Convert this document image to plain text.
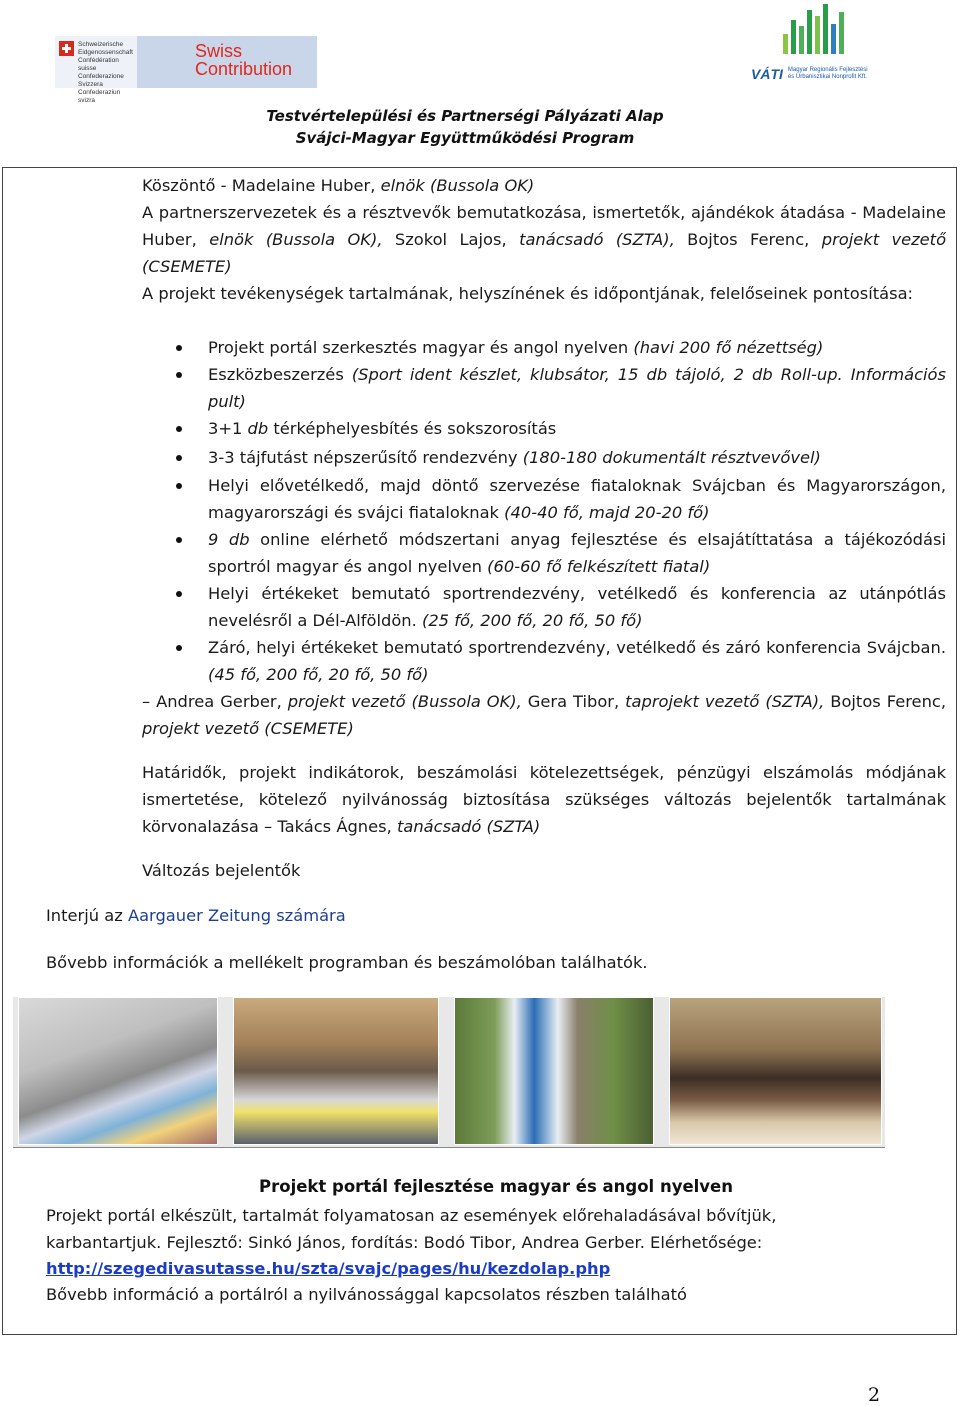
Schweizerische Eidgenossenschaft
Confédération suisse
Confederazione Svizzera
Confederaziun svizra
Swiss
Contribution	VÁTI Magyar Regionális Fejlesztési és Urbanisztikai Nonprofit Kft.
Testvértelepülési és Partnerségi Pályázati Alap
Svájci-Magyar Együttműködési Program
Köszöntő - Madelaine Huber, elnök (Bussola OK)
A partnerszervezetek és a résztvevők bemutatkozása, ismertetők, ajándékok átadása - Madelaine Huber, elnök (Bussola OK), Szokol Lajos, tanácsadó (SZTA), Bojtos Ferenc, projekt vezető (CSEMETE)
A projekt tevékenységek tartalmának, helyszínének és időpontjának, felelőseinek pontosítása:
Projekt portál szerkesztés magyar és angol nyelven (havi 200 fő nézettség)
Eszközbeszerzés (Sport ident készlet, klubsátor, 15 db tájoló, 2 db Roll-up. Információs pult)
3+1 db térképhelyesbítés és sokszorosítás
3-3 tájfutást népszerűsítő rendezvény (180-180 dokumentált résztvevővel)
Helyi elővetélkedő, majd döntő szervezése fiataloknak Svájcban és Magyarországon, magyarországi és svájci fiataloknak (40-40 fő, majd 20-20 fő)
9 db online elérhető módszertani anyag fejlesztése és elsajátíttatása a tájékozódási sportról magyar és angol nyelven (60-60 fő felkészített fiatal)
Helyi értékeket bemutató sportrendezvény, vetélkedő és konferencia az utánpótlás nevelésről a Dél-Alföldön. (25 fő, 200 fő, 20 fő, 50 fő)
Záró, helyi értékeket bemutató sportrendezvény, vetélkedő és záró konferencia Svájcban. (45 fő, 200 fő, 20 fő, 50 fő)
– Andrea Gerber, projekt vezető (Bussola OK), Gera Tibor, taprojekt vezető (SZTA), Bojtos Ferenc, projekt vezető (CSEMETE)
Határidők, projekt indikátorok, beszámolási kötelezettségek, pénzügyi elszámolás módjának ismertetése, kötelező nyilvánosság biztosítása szükséges változás bejelentők tartalmának körvonalazása – Takács Ágnes, tanácsadó (SZTA)
Változás bejelentők
Interjú az Aargauer Zeitung számára
Bővebb információk a mellékelt programban és beszámolóban találhatók.
Projekt portál fejlesztése magyar és angol nyelven
Projekt portál elkészült, tartalmát folyamatosan az események előrehaladásával bővítjük, karbantartjuk. Fejlesztő: Sinkó János, fordítás: Bodó Tibor, Andrea Gerber. Elérhetősége:
http://szegedivasutasse.hu/szta/svajc/pages/hu/kezdolap.php
Bővebb információ a portálról a nyilvánossággal kapcsolatos részben található
2
